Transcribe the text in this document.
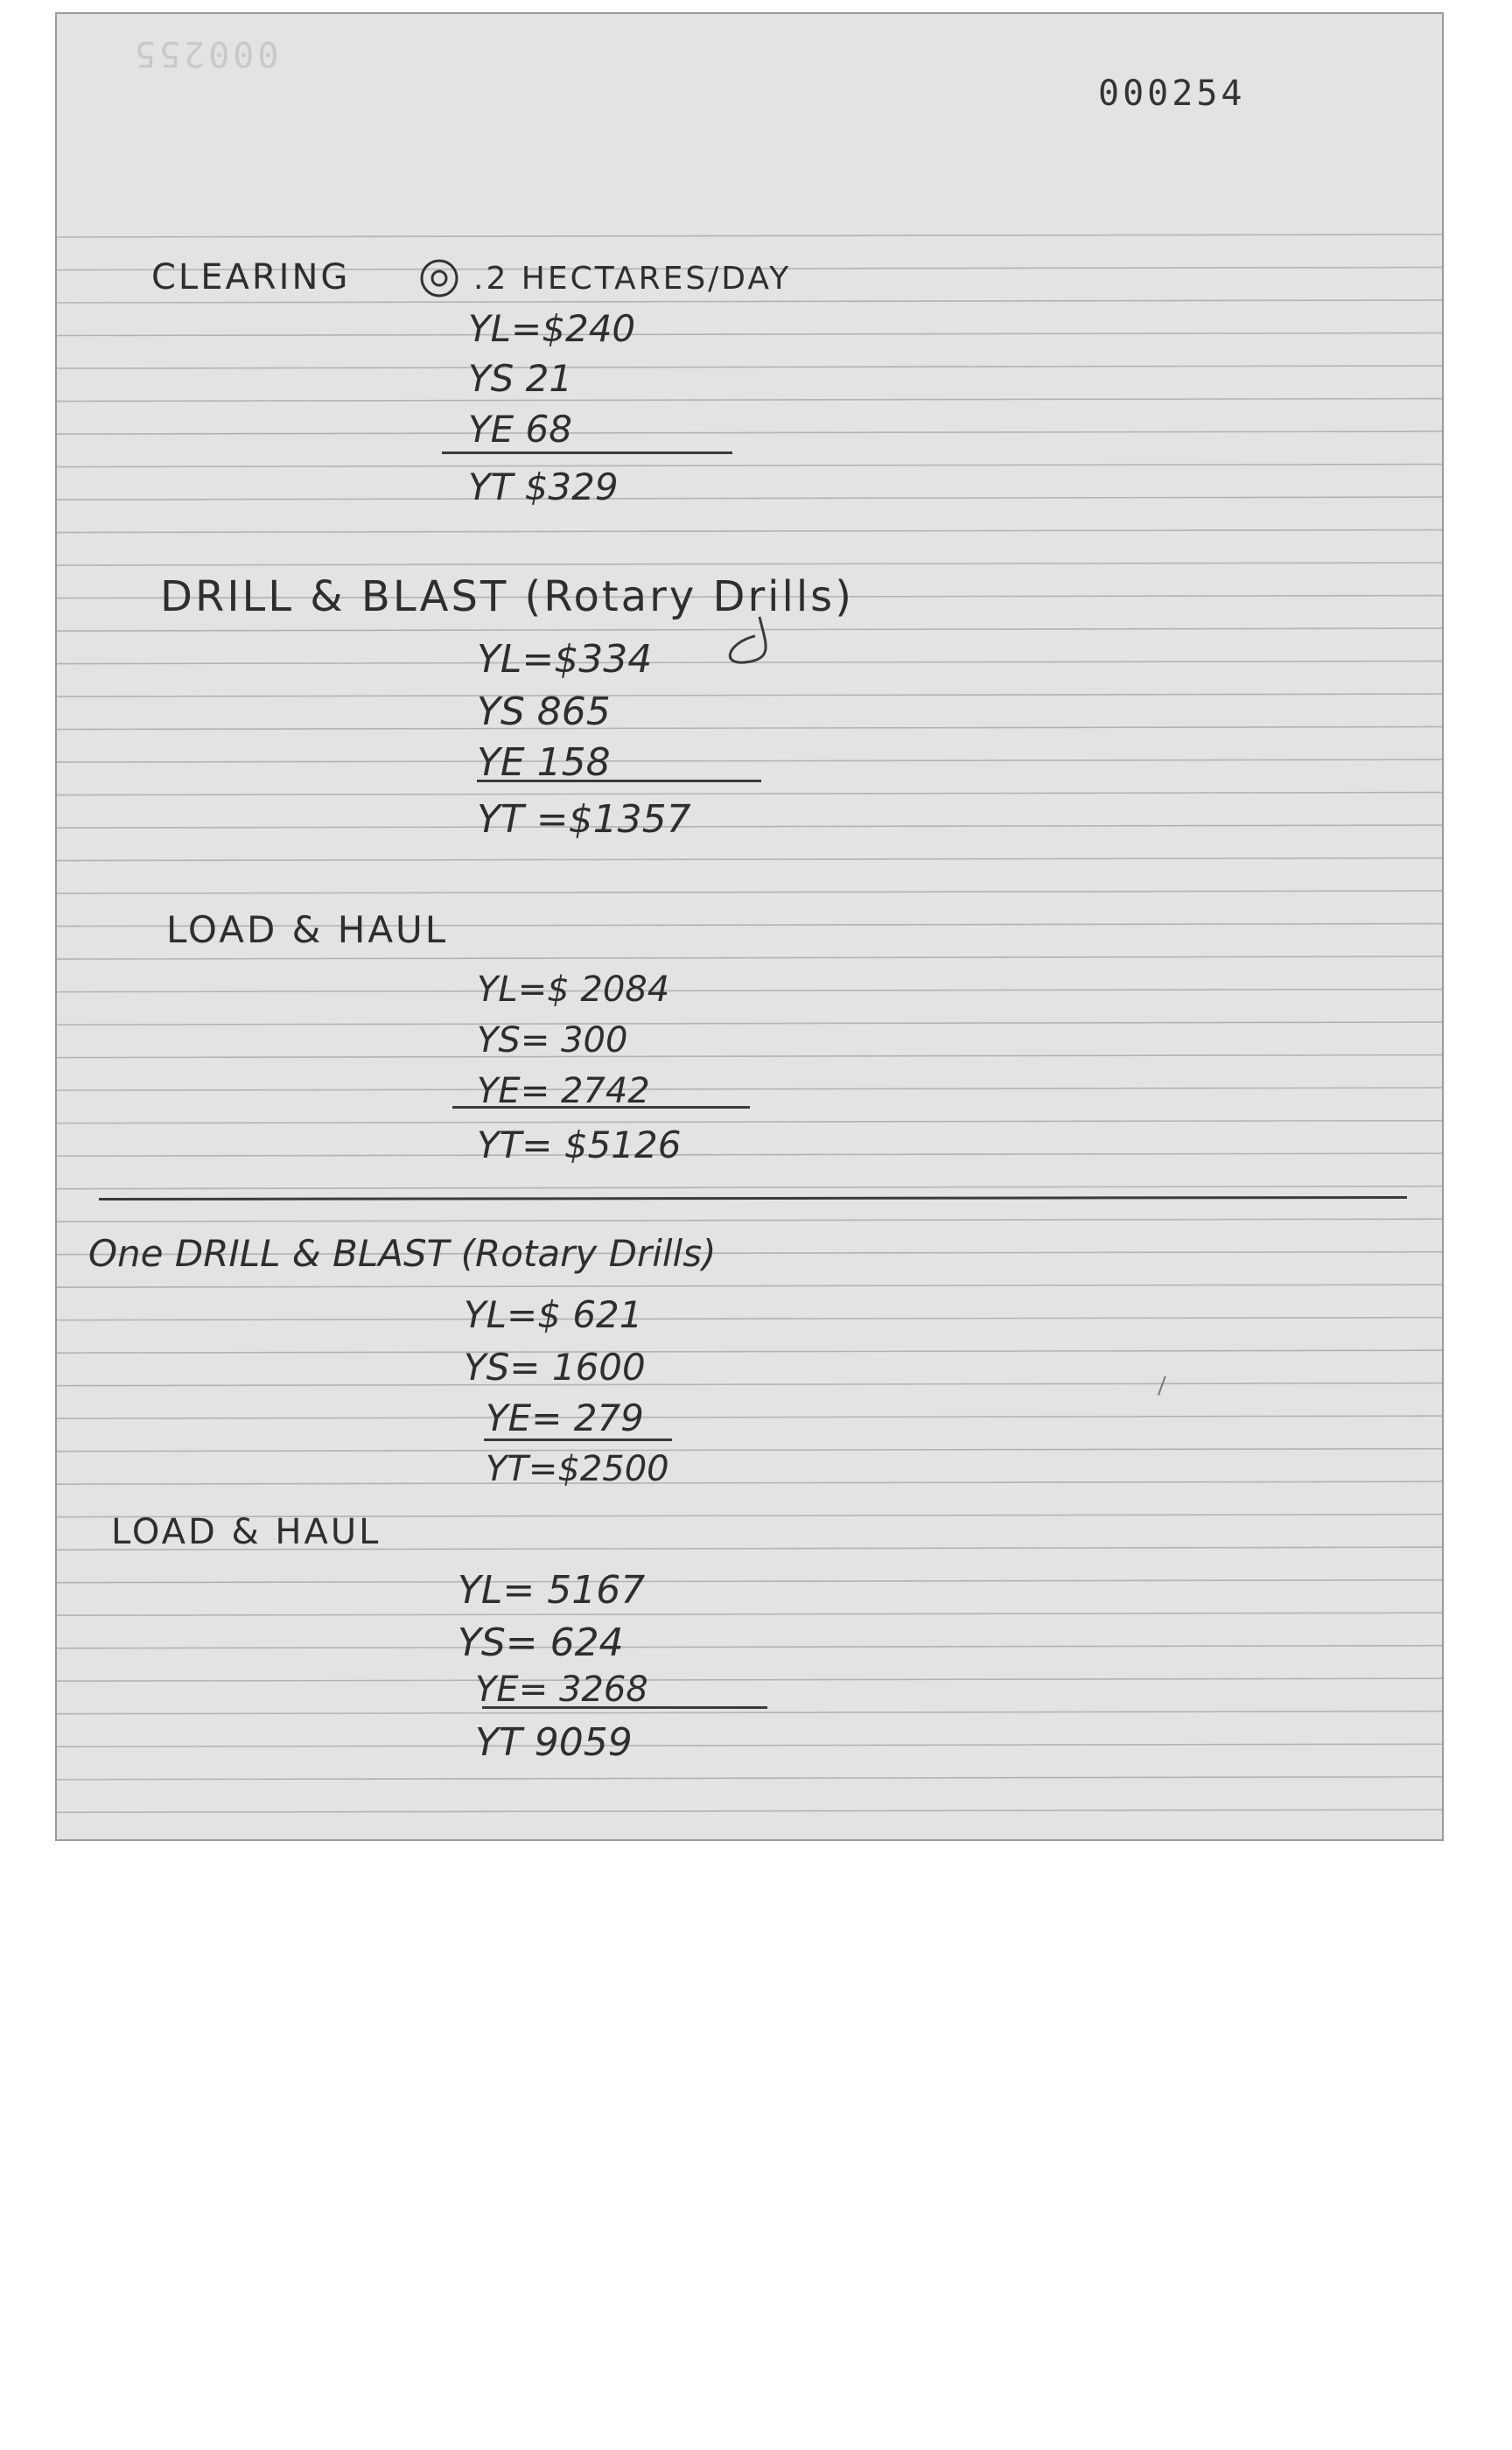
000255
000254
CLEARING	.2 HECTARES/DAY
YL=$240
YS 21
YE 68
YT $329
DRILL & BLAST (Rotary Drills)
YL=$334
YS 865
YE 158
YT =$1357
LOAD & HAUL
YL=$ 2084
YS= 300
YE= 2742
YT= $5126
One DRILL & BLAST (Rotary Drills)
YL=$ 621
YS= 1600
YE= 279
YT=$2500
LOAD & HAUL
YL= 5167
YS= 624
YE= 3268
YT 9059
